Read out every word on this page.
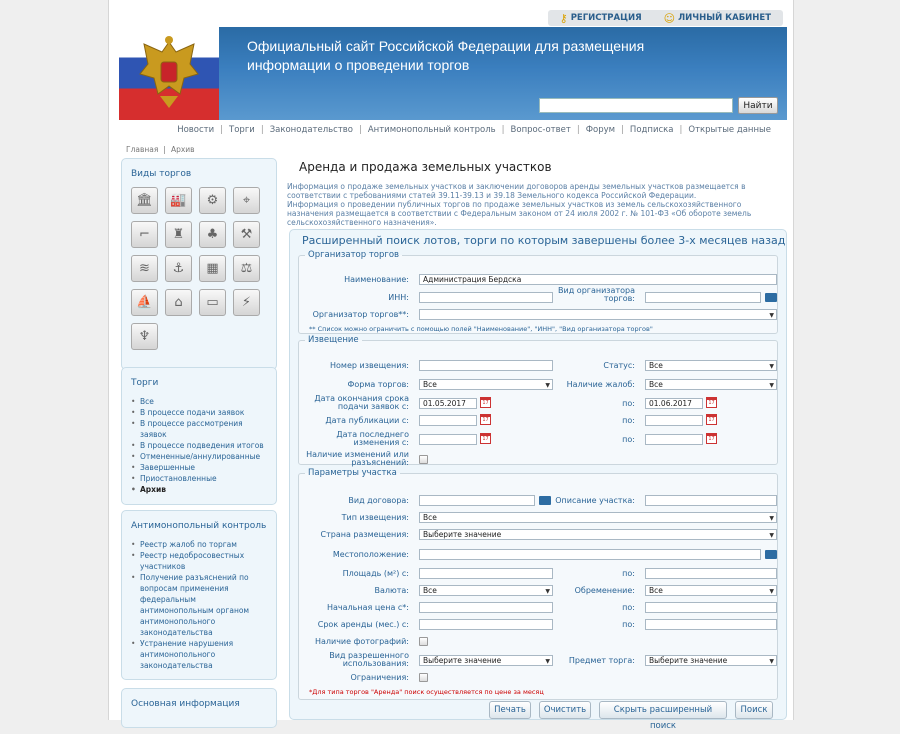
⚷ РЕГИСТРАЦИЯ ☺ ЛИЧНЫЙ КАБИНЕТ
Официальный сайт Российской Федерации для размещения
информации о проведении торгов
Найти
Новости | Торги | Законодательство | Антимонопольный контроль | Вопрос-ответ | Форум | Подписка | Открытые данные
Главная | Архив
Виды торгов
🏛	🏭	⚙	⌖
⌐	♜	♣	⚒
≋	⚓	▦	⚖
⛵	⌂	▭	⚡
♆
Торги
• Все
• В процессе подачи заявок
• В процессе рассмотрения заявок
• В процессе подведения итогов
• Отмененные/аннулированные
• Завершенные
• Приостановленные
• Архив
Антимонопольный контроль
• Реестр жалоб по торгам
• Реестр недобросовестных участников
• Получение разъяснений по вопросам применения федеральным антимонопольным органом антимонопольного законодательства
• Устранение нарушения антимонопольного законодательства
Основная информация
Аренда и продажа земельных участков
Информация о продаже земельных участков и заключении договоров аренды земельных участков размещается в соответствии с требованиями статей 39.11-39.13 и 39.18 Земельного кодекса Российской Федерации.
Информация о проведении публичных торгов по продаже земельных участков из земель сельскохозяйственного назначения размещается в соответствии с Федеральным законом от 24 июля 2002 г. № 101-ФЗ «Об обороте земель сельскохозяйственного назначения».
Расширенный поиск лотов, торги по которым завершены более 3-х месяцев назад
Организатор торгов
Наименование:	Администрация Бердска
ИНН:
Вид организатора торгов:
Организатор торгов**:
▼
** Список можно ограничить с помощью полей "Наименование", "ИНН", "Вид организатора торгов"
Извещение
Номер извещения:	Статус:	Все ▼
Форма торгов:	Все ▼	Наличие жалоб:	Все ▼
Дата окончания срока подачи заявок с:	01.05.2017	17	по:	01.06.2017	17
Дата публикации с:	17	по:	17
Дата последнего изменения с:	17	по:	17
Наличие изменений или разъяснений:
Параметры участка
Вид договора:	Описание участка:
Тип извещения:	Все ▼
Страна размещения:	Выберите значение ▼
Местоположение:
Площадь (м²) с:	по:
Валюта:	Все ▼	Обременение:	Все ▼
Начальная цена с*:	по:
Срок аренды (мес.) с:	по:
Наличие фотографий:
Вид разрешенного использования:	Выберите значение ▼	Предмет торга:	Выберите значение ▼
Ограничения:
*Для типа торгов "Аренда" поиск осуществляется по цене за месяц
Печать	Очистить	Скрыть расширенный поиск
Поиск
